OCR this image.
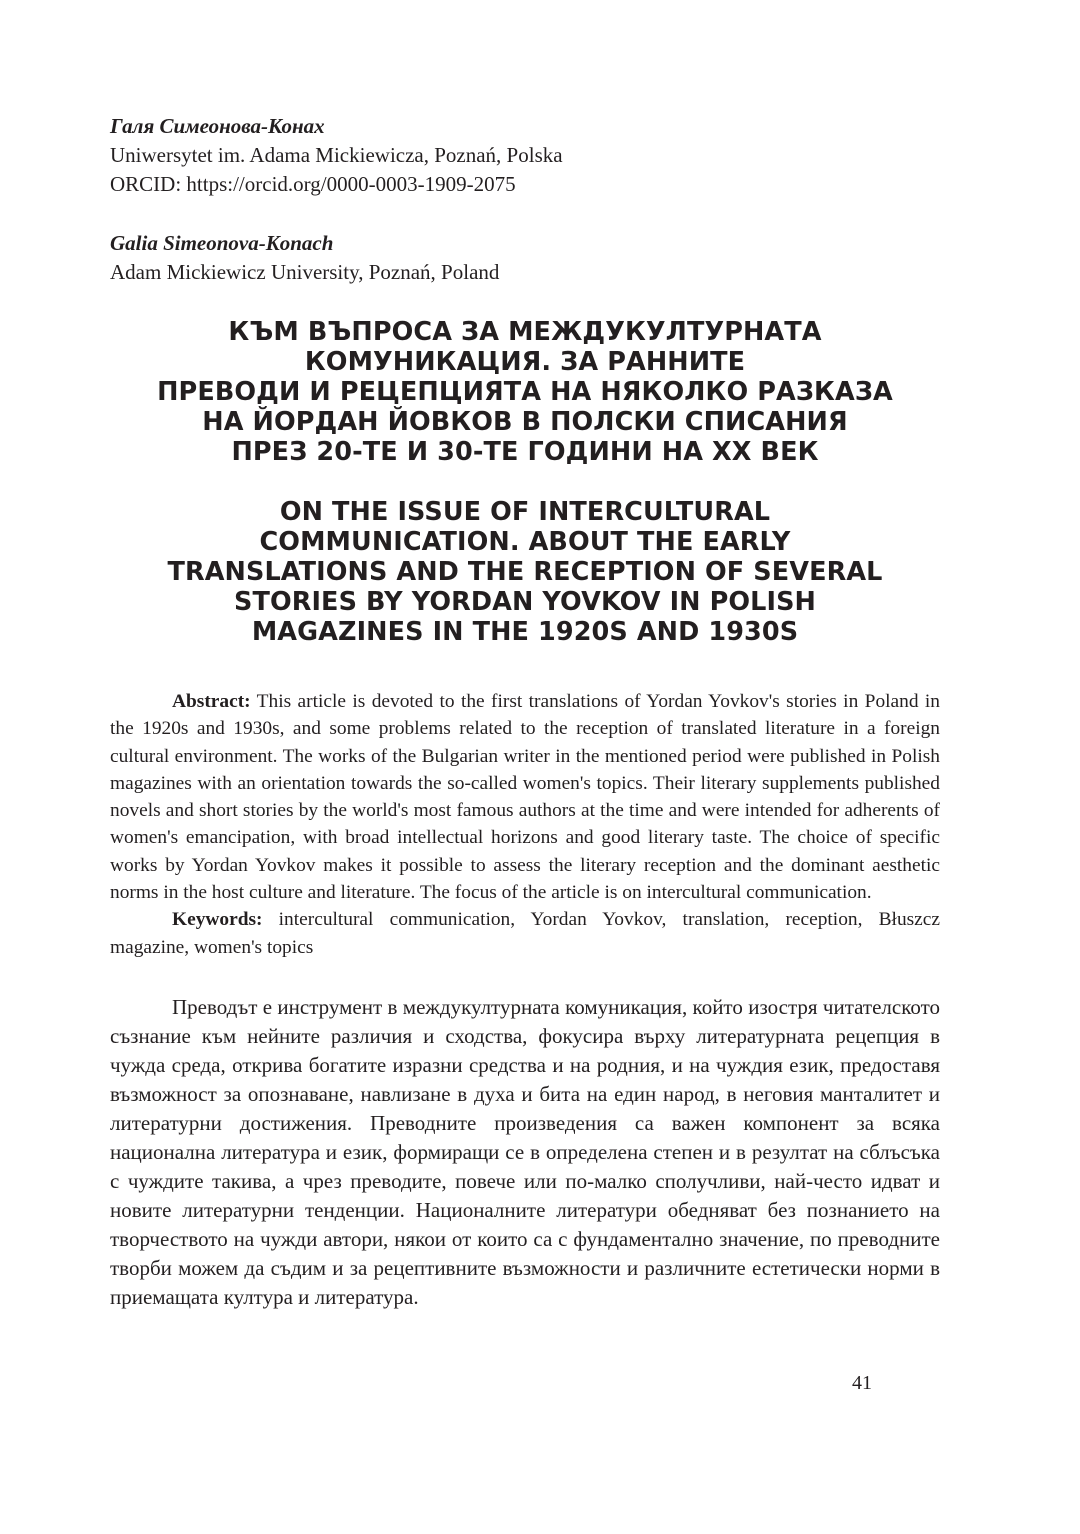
Галя Симеонова-Конах
Uniwersytet im. Adama Mickiewicza, Poznań, Polska
ORCID: https://orcid.org/0000-0003-1909-2075
Galia Simeonova-Konach
Adam Mickiewicz University, Poznań, Poland
КЪМ ВЪПРОСА ЗА МЕЖДУКУЛТУРНАТА
КОМУНИКАЦИЯ. ЗА РАННИТЕ
ПРЕВОДИ И РЕЦЕПЦИЯТА НА НЯКОЛКО РАЗКАЗА
НА ЙОРДАН ЙОВКОВ В ПОЛСКИ СПИСАНИЯ
ПРЕЗ 20-ТЕ И 30-ТЕ ГОДИНИ НА ХХ ВЕК
ON THE ISSUE OF INTERCULTURAL
COMMUNICATION. ABOUT THE EARLY
TRANSLATIONS AND THE RECEPTION OF SEVERAL
STORIES BY YORDAN YOVKOV IN POLISH
MAGAZINES IN THE 1920S AND 1930S

Abstract: This article is devoted to the first translations of Yordan Yovkov's stories in Poland in the 1920s and 1930s, and some problems related to the reception of translated literature in a foreign cultural environment. The works of the Bulgarian writer in the mentioned period were published in Polish magazines with an orientation towards the so-called women's topics. Their literary supplements published novels and short stories by the world's most famous authors at the time and were intended for adherents of women's emancipation, with broad intellectual horizons and good literary taste. The choice of specific works by Yordan Yovkov makes it possible to assess the literary reception and the dominant aesthetic norms in the host culture and literature. The focus of the article is on intercultural communication.

Keywords: intercultural communication, Yordan Yovkov, translation, reception, Błuszcz magazine, women's topics

Преводът е инструмент в междукултурната комуникация, който изостря читателското съзнание към нейните различия и сходства, фокусира върху литературната рецепция в чужда среда, открива богатите изразни средства и на родния, и на чуждия език, предоставя възможност за опознаване, навлизане в духа и бита на един народ, в неговия манталитет и литературни достижения. Преводните произведения са важен компонент за всяка национална литература и език, формиращи се в определена степен и в резултат на сблъсъка с чуждите такива, а чрез преводите, повече или по-малко сполучливи, най-често идват и новите литературни тенденции. Националните литератури обедняват без познанието на творчеството на чужди автори, някои от които са с фундаментално значение, по преводните творби можем да съдим и за рецептивните възможности и различните естетически норми в приемащата култура и литература.

41
